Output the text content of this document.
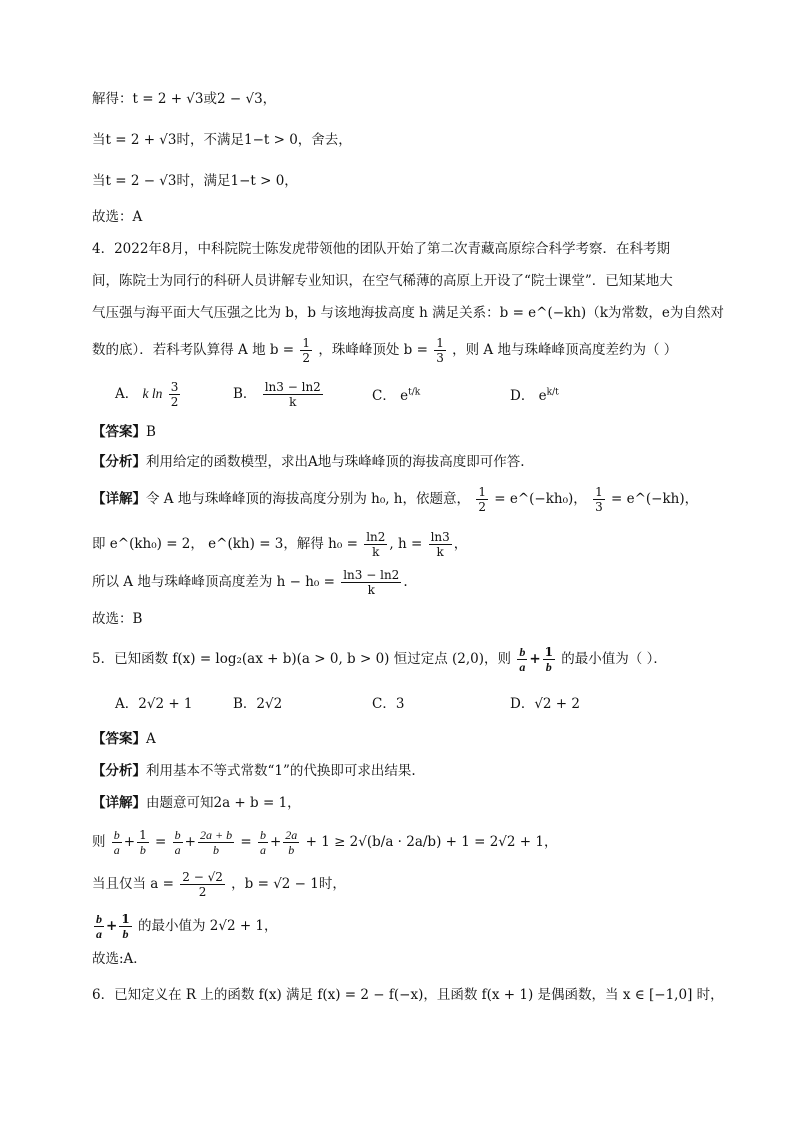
解得：t = 2 + √3或2 − √3，
当t = 2 + √3时，不满足1−t > 0，舍去，
当t = 2 − √3时，满足1−t > 0，
故选：A
4．2022年8月，中科院院士陈发虎带领他的团队开始了第二次青藏高原综合科学考察．在科考期
间，陈院士为同行的科研人员讲解专业知识，在空气稀薄的高原上开设了“院士课堂”．已知某地大
气压强与海平面大气压强之比为 b，b 与该地海拔高度 h 满足关系：b = e^(−kh)（k为常数，e为自然对
数的底）．若科考队算得 A 地 $b = \frac{1}{2}$ ，珠峰峰顶处 $b = \frac{1}{3}$ ，则 A 地与珠峰峰顶高度差约为（ ）
A． k $\ln \frac{3}{2}$	B． $\frac{\ln 3 - \ln 2}{k}$	C． $e^{t/k}$	D． $e^{k/t}$
【答案】B
【分析】利用给定的函数模型，求出A地与珠峰峰顶的海拔高度即可作答.
【详解】令 A 地与珠峰峰顶的海拔高度分别为 h₀, h，依题意， $\frac{1}{2}$ = e^(−kh₀)， $\frac{1}{3}$ = e^(−kh)，
即 e^(kh₀) = 2， e^(kh) = 3，解得 $h_0 = \frac{\ln 2}{k}$ , $h = \frac{\ln 3}{k}$ ，
所以 A 地与珠峰峰顶高度差为 $h - h_0 = \frac{\ln 3 - \ln 2}{k}$ .
故选：B
5．已知函数 f(x) = log₂(ax + b)(a > 0, b > 0) 恒过定点 (2,0)，则 $\frac{b}{a} + \frac{1}{b}$ 的最小值为（ ）．
A．2√2 + 1	B．2√2	C．3	D．√2 + 2
【答案】A
【分析】利用基本不等式常数“1”的代换即可求出结果.
【详解】由题意可知2a + b = 1，
则 $\frac{b}{a} + \frac{1}{b} = \frac{b}{a} + \frac{2a + b}{b} = \frac{b}{a} + \frac{2a}{b} + 1 \ge 2√(b/a \cdot 2a/b) + 1 = 2√2 + 1$，
当且仅当 $a = \frac{2 - √2}{2}$ ，b = √2 − 1时，
$\frac{b}{a} + \frac{1}{b}$ 的最小值为 2√2 + 1，
故选:A．
6．已知定义在 R 上的函数 f(x) 满足 f(x) = 2 − f(−x)，且函数 f(x + 1) 是偶函数，当 x ∈ [−1,0] 时，
